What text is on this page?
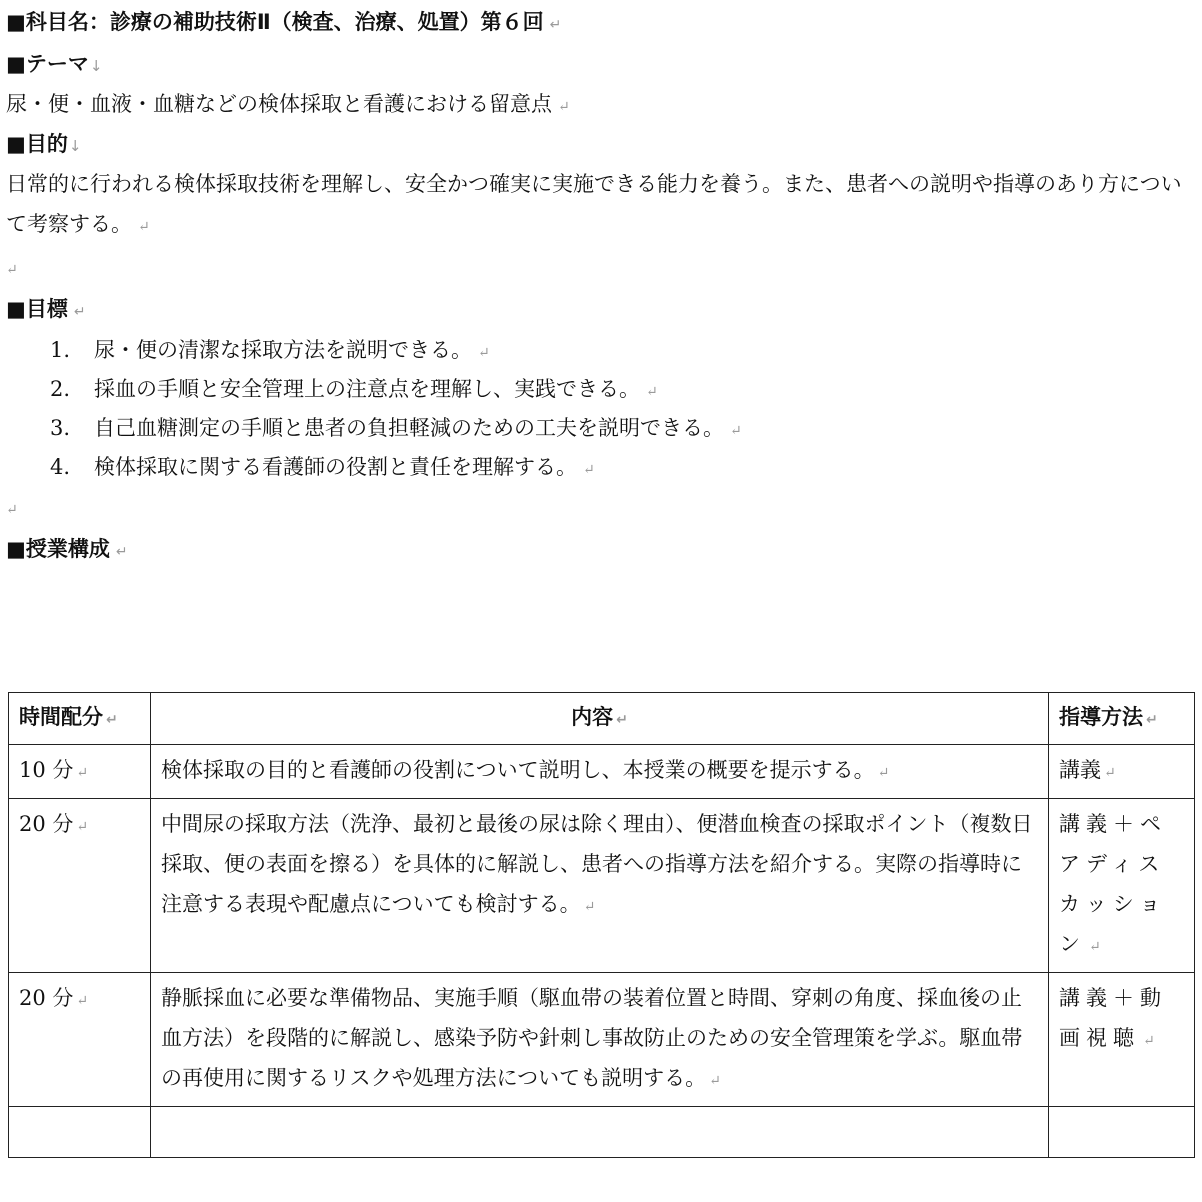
■科目名：診療の補助技術Ⅱ（検査、治療、処置）第６回 ↵
■テーマ↓
尿・便・血液・血糖などの検体採取と看護における留意点 ↵
■目的↓
日常的に行われる検体採取技術を理解し、安全かつ確実に実施できる能力を養う。また、患者への説明や指導のあり方について考察する。 ↵
↵
■目標 ↵
1. 尿・便の清潔な採取方法を説明できる。 ↵
2. 採血の手順と安全管理上の注意点を理解し、実践できる。 ↵
3. 自己血糖測定の手順と患者の負担軽減のための工夫を説明できる。 ↵
4. 検体採取に関する看護師の役割と責任を理解する。 ↵
↵
■授業構成 ↵
時間配分 ↵	内容 ↵	指導方法 ↵
10 分 ↵	検体採取の目的と看護師の役割について説明し、本授業の概要を提示する。 ↵	講義 ↵
20 分 ↵	中間尿の採取方法（洗浄、最初と最後の尿は除く理由）、便潜血検査の採取ポイント（複数日採取、便の表面を擦る）を具体的に解説し、患者への指導方法を紹介する。実際の指導時に注意する表現や配慮点についても検討する。 ↵	講義＋ペアディスカッション ↵
20 分 ↵	静脈採血に必要な準備物品、実施手順（駆血帯の装着位置と時間、穿刺の角度、採血後の止血方法）を段階的に解説し、感染予防や針刺し事故防止のための安全管理策を学ぶ。駆血帯の再使用に関するリスクや処理方法についても説明する。 ↵	講義＋動画視聴 ↵
